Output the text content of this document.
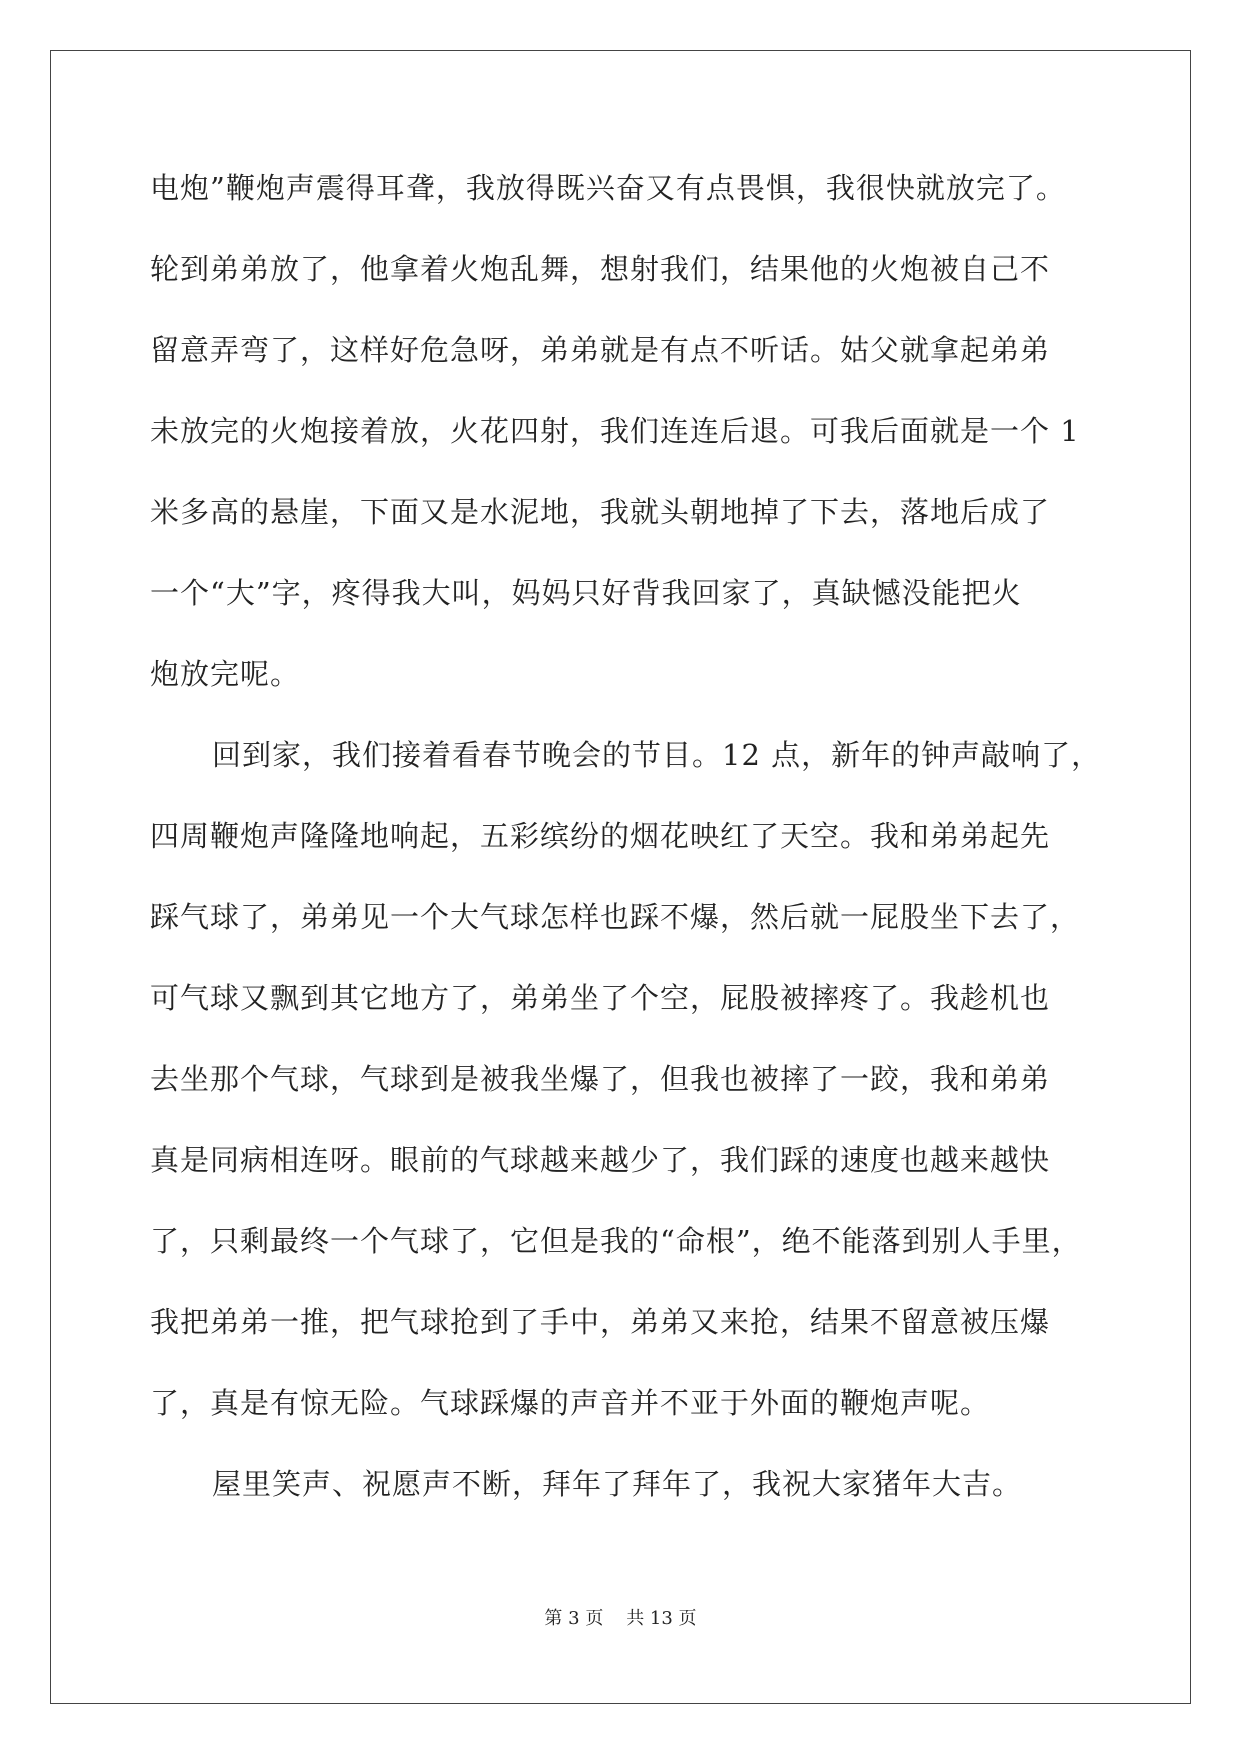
电炮”鞭炮声震得耳聋，我放得既兴奋又有点畏惧，我很快就放完了。
轮到弟弟放了，他拿着火炮乱舞，想射我们，结果他的火炮被自己不
留意弄弯了，这样好危急呀，弟弟就是有点不听话。姑父就拿起弟弟
未放完的火炮接着放，火花四射，我们连连后退。可我后面就是一个 1
米多高的悬崖，下面又是水泥地，我就头朝地掉了下去，落地后成了
一个“大”字，疼得我大叫，妈妈只好背我回家了，真缺憾没能把火
炮放完呢。
回到家，我们接着看春节晚会的节目。12 点，新年的钟声敲响了，
四周鞭炮声隆隆地响起，五彩缤纷的烟花映红了天空。我和弟弟起先
踩气球了，弟弟见一个大气球怎样也踩不爆，然后就一屁股坐下去了，
可气球又飘到其它地方了，弟弟坐了个空，屁股被摔疼了。我趁机也
去坐那个气球，气球到是被我坐爆了，但我也被摔了一跤，我和弟弟
真是同病相连呀。眼前的气球越来越少了，我们踩的速度也越来越快
了，只剩最终一个气球了，它但是我的“命根”，绝不能落到别人手里，
我把弟弟一推，把气球抢到了手中，弟弟又来抢，结果不留意被压爆
了，真是有惊无险。气球踩爆的声音并不亚于外面的鞭炮声呢。
屋里笑声、祝愿声不断，拜年了拜年了，我祝大家猪年大吉。
第 3 页    共 13 页
